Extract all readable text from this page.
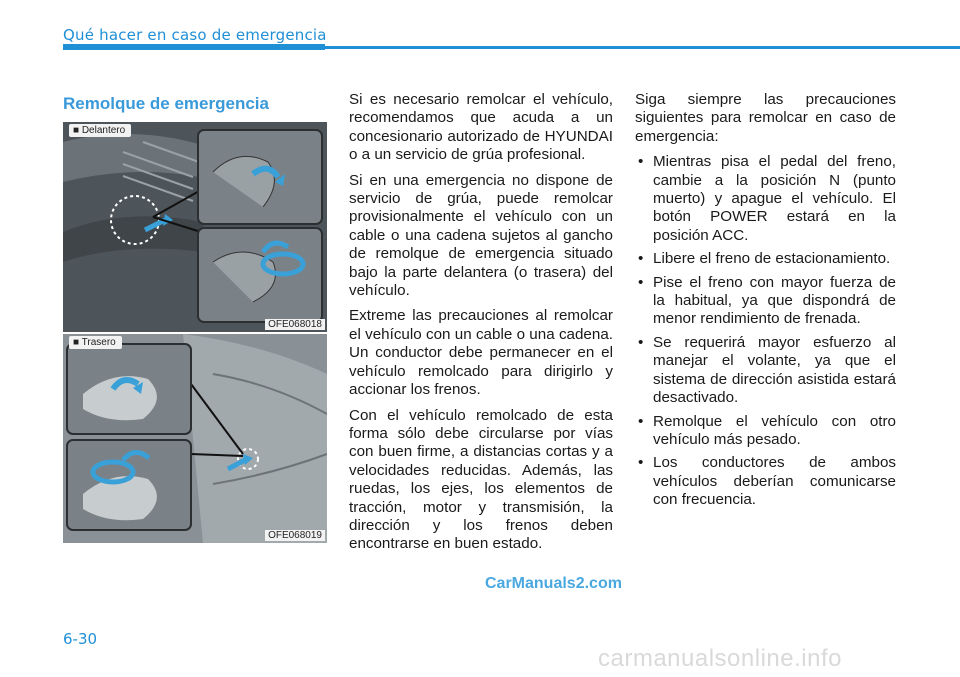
Qué hacer en caso de emergencia
Remolque de emergencia
■ Delantero
OFE068018
■ Trasero
OFE068019

Si es necesario remolcar el vehículo, recomendamos que acuda a un concesionario autorizado de HYUNDAI o a un servicio de grúa profesional.

Si en una emergencia no dispone de servicio de grúa, puede remolcar provisionalmente el vehículo con un cable o una cadena sujetos al gancho de remolque de emergencia situado bajo la parte delantera (o trasera) del vehículo.

Extreme las precauciones al remolcar el vehículo con un cable o una cadena. Un conductor debe permanecer en el vehículo remolcado para dirigirlo y accionar los frenos.

Con el vehículo remolcado de esta forma sólo debe circularse por vías con buen firme, a distancias cortas y a velocidades reducidas. Además, las ruedas, los ejes, los elementos de tracción, motor y transmisión, la dirección y los frenos deben encontrarse en buen estado.

Siga siempre las precauciones siguientes para remolcar en caso de emergencia:

• Mientras pisa el pedal del freno, cambie a la posición N (punto muerto) y apague el vehículo. El botón POWER estará en la posición ACC.
• Libere el freno de estacionamiento.
• Pise el freno con mayor fuerza de la habitual, ya que dispondrá de menor rendimiento de frenada.
• Se requerirá mayor esfuerzo al manejar el volante, ya que el sistema de dirección asistida estará desactivado.
• Remolque el vehículo con otro vehículo más pesado.
• Los conductores de ambos vehículos deberían comunicarse con frecuencia.
CarManuals2.com
6-30
carmanualsonline.info
